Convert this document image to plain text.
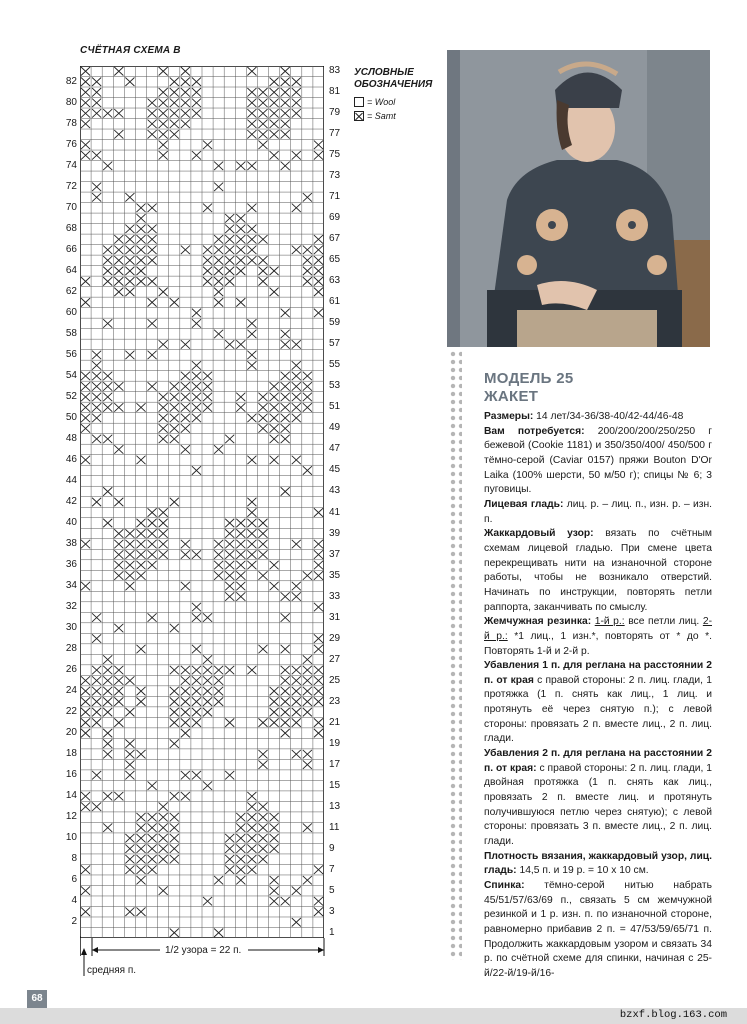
СЧЁТНАЯ СХЕМА В
82
80
78
76
74
72
70
68
66
64
62
60
58
56
54
52
50
48
46
44
42
40
38
36
34
32
30
28
26
24
22
20
18
16
14
12
10
8
6
4
2
83
81
79
77
75
73
71
69
67
65
63
61
59
57
55
53
51
49
47
45
43
41
39
37
35
33
31
29
27
25
23
21
19
17
15
13
11
9
7
5
3
1
УСЛОВНЫЕ
ОБОЗНАЧЕНИЯ
= Wool
= Samt
1/2 узора = 22 п.
средняя п.
МОДЕЛЬ 25
ЖАКЕТ

Размеры: 14 лет/34-36/38-40/42-44/46-48

Вам потребуется: 200/200/200/250/250 г бежевой (Cookie 1181) и 350/350/400/ 450/500 г тёмно-серой (Caviar 0157) пряжи Bouton D'Or Laika (100% шерсти, 50 м/50 г); спицы № 6; 3 пуговицы.

Лицевая гладь: лиц. р. – лиц. п., изн. р. – изн. п.

Жаккардовый узор: вязать по счётным схемам лицевой гладью. При смене цвета перекрещивать нити на изнаночной стороне работы, чтобы не возникало отверстий. Начинать по инструкции, повторять петли раппорта, заканчивать по смыслу.

Жемчужная резинка: 1-й р.: все петли лиц. 2-й р.: *1 лиц., 1 изн.*, повторять от * до *. Повторять 1-й и 2-й р.

Убавления 1 п. для реглана на расстоянии 2 п. от края с правой стороны: 2 п. лиц. глади, 1 протяжка (1 п. снять как лиц., 1 лиц. и протянуть её через снятую п.); с левой стороны: провязать 2 п. вместе лиц., 2 п. лиц. глади.

Убавления 2 п. для реглана на расстоянии 2 п. от края: с правой стороны: 2 п. лиц. глади, 1 двойная протяжка (1 п. снять как лиц., провязать 2 п. вместе лиц. и протянуть получившуюся петлю через снятую); с левой стороны: провязать 3 п. вместе лиц., 2 п. лиц. глади.

Плотность вязания, жаккардовый узор, лиц. гладь: 14,5 п. и 19 р. = 10 х 10 см.

Спинка: тёмно-серой нитью набрать 45/51/57/63/69 п., связать 5 см жемчужной резинкой и 1 р. изн. п. по изнаночной стороне, равномерно прибавив 2 п. = 47/53/59/65/71 п. Продолжить жаккардовым узором и связать 34 р. по счётной схеме для спинки, начиная с 25-й/22-й/19-й/16-

68
bzxf.blog.163.com
